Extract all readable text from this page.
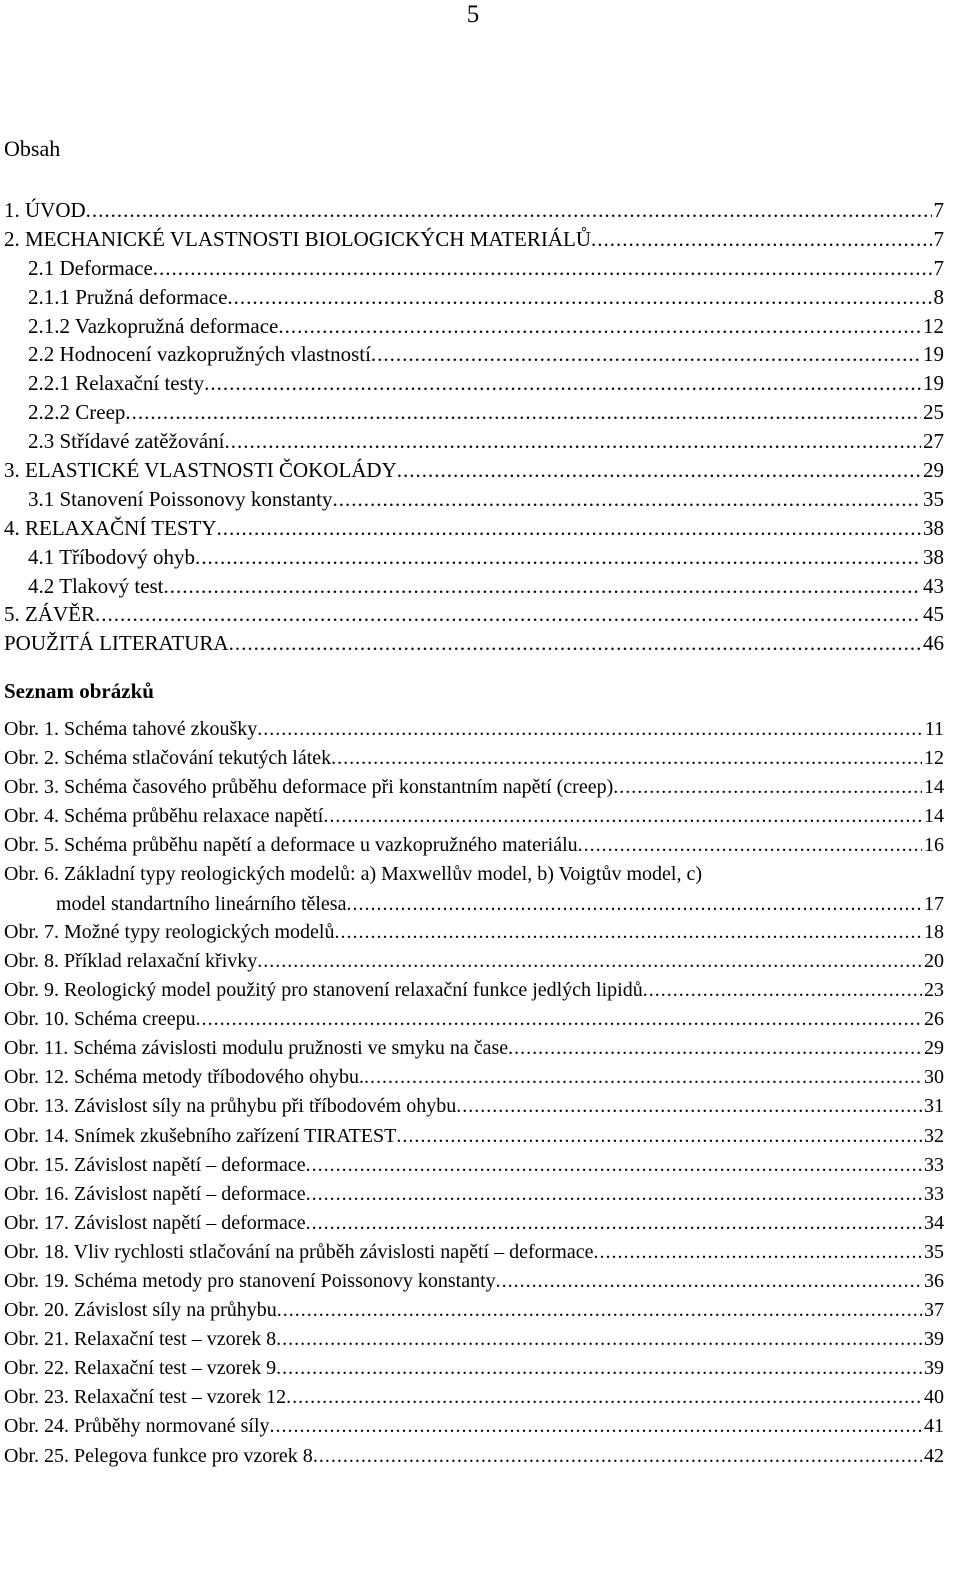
5
Obsah
1. ÚVOD .....	7
2. MECHANICKÉ VLASTNOSTI BIOLOGICKÝCH MATERIÁLŮ .....	7
2.1 Deformace .....	7
2.1.1 Pružná deformace .....	8
2.1.2 Vazkopružná deformace .....	12
2.2 Hodnocení vazkopružných vlastností .....	19
2.2.1 Relaxační testy .....	19
2.2.2 Creep .....	25
2.3 Střídavé zatěžování .....	27
3. ELASTICKÉ VLASTNOSTI ČOKOLÁDY .....	29
3.1 Stanovení Poissonovy konstanty .....	35
4. RELAXAČNÍ TESTY .....	38
4.1 Tříbodový ohyb .....	38
4.2 Tlakový test .....	43
5. ZÁVĚR .....	45
POUŽITÁ LITERATURA .....	46
Seznam obrázků
Obr. 1. Schéma tahové zkoušky .....	11
Obr. 2. Schéma stlačování tekutých látek .....	12
Obr. 3. Schéma časového průběhu deformace při konstantním napětí (creep) .....	14
Obr. 4. Schéma průběhu relaxace napětí .....	14
Obr. 5. Schéma průběhu napětí a deformace u vazkopružného materiálu .....	16
Obr. 6. Základní typy reologických modelů: a) Maxwellův model, b) Voigtův model, c)
model standartního lineárního tělesa .....	17
Obr. 7. Možné typy reologických modelů .....	18
Obr. 8. Příklad relaxační křivky .....	20
Obr. 9. Reologický model použitý pro stanovení relaxační funkce jedlých lipidů .....	23
Obr. 10. Schéma creepu .....	26
Obr. 11. Schéma závislosti modulu pružnosti ve smyku na čase .....	29
Obr. 12. Schéma metody tříbodového ohybu. .....	30
Obr. 13. Závislost síly na průhybu při tříbodovém ohybu .....	31
Obr. 14. Snímek zkušebního zařízení TIRATEST .....	32
Obr. 15. Závislost napětí – deformace .....	33
Obr. 16. Závislost napětí – deformace .....	33
Obr. 17. Závislost napětí – deformace .....	34
Obr. 18. Vliv rychlosti stlačování na průběh závislosti napětí – deformace .....	35
Obr. 19. Schéma metody pro stanovení Poissonovy konstanty .....	36
Obr. 20. Závislost síly na průhybu .....	37
Obr. 21. Relaxační test – vzorek 8 .....	39
Obr. 22. Relaxační test – vzorek 9 .....	39
Obr. 23. Relaxační test – vzorek 12 .....	40
Obr. 24. Průběhy normované síly .....	41
Obr. 25. Pelegova funkce pro vzorek 8 .....	42
